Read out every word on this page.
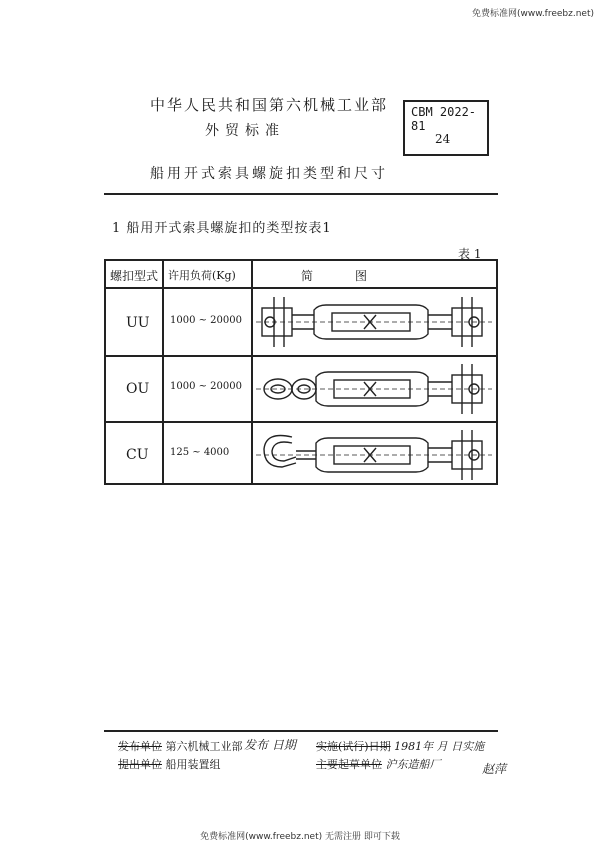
免费标准网(www.freebz.net)
中华人民共和国第六机械工业部
外贸标准
CBM 2022-81
24
船用开式索具螺旋扣类型和尺寸
1 船用开式索具螺旋扣的类型按表1
表 1
螺扣型式 许用负荷(Kg)	简　　图
UU 1000 ~ 20000
OU 1000 ~ 20000
CU 125 ~ 4000
发布单位 第六机械工业部 发布 日期
提出单位 船用装置组
实施(试行)日期 1981年 月 日实施
主要起草单位 沪东造船厂	赵萍
免费标准网(www.freebz.net) 无需注册 即可下载
